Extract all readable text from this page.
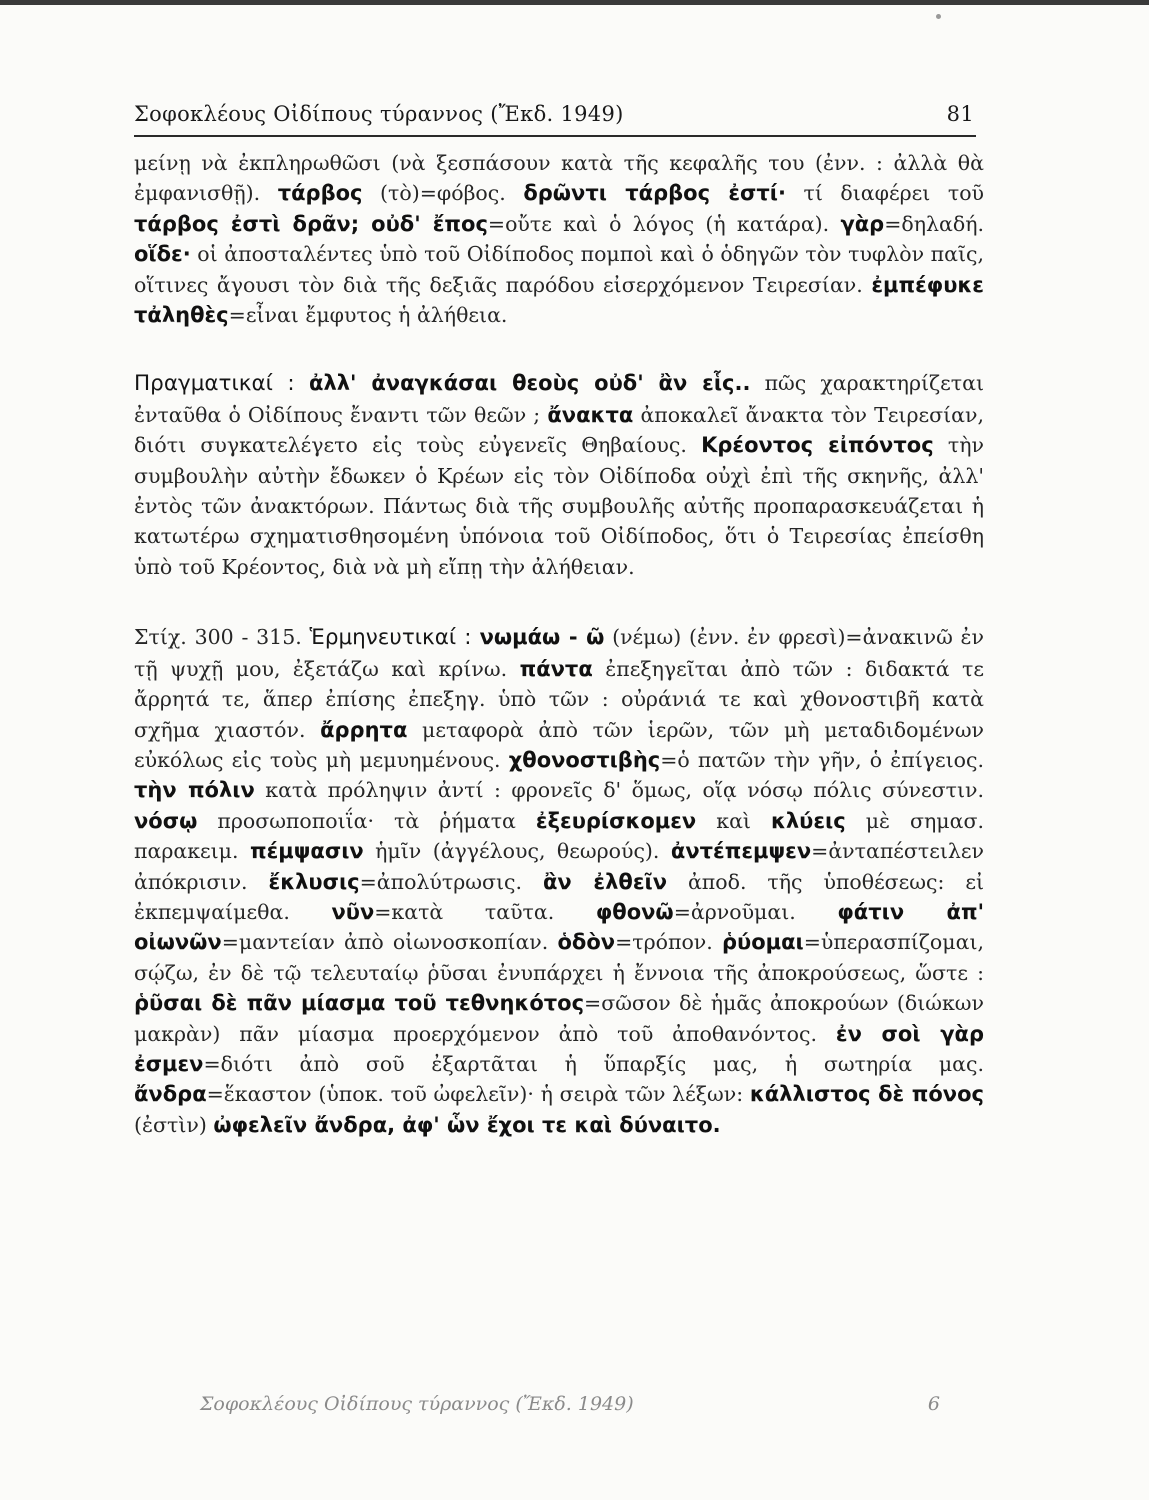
Σοφοκλέους Οἰδίπους τύραννος (Ἔκδ. 1949)	81

μείνῃ νὰ ἐκπληρωθῶσι (νὰ ξεσπάσουν κατὰ τῆς κεφαλῆς του (ἐνν. : ἀλλὰ θὰ ἐμφανισθῇ). τάρβος (τὸ)=φόβος. δρῶντι τάρβος ἐστί· τί διαφέρει τοῦ τάρβος ἐστὶ δρᾶν; οὐδ' ἔπος=οὔτε καὶ ὁ λόγος (ἡ κατάρα). γὰρ=δηλαδή. οἵδε· οἱ ἀποσταλέντες ὑπὸ τοῦ Οἰδίποδος πομποὶ καὶ ὁ ὁδηγῶν τὸν τυφλὸν παῖς, οἵτινες ἄγουσι τὸν διὰ τῆς δεξιᾶς παρόδου εἰσερχόμενον Τειρεσίαν. ἐμπέφυκε τἀληθὲς=εἶναι ἔμφυτος ἡ ἀλήθεια.

Πραγματικαί : ἀλλ' ἀναγκάσαι θεοὺς οὐδ' ἂν εἷς.. πῶς χαρακτηρίζεται ἐνταῦθα ὁ Οἰδίπους ἔναντι τῶν θεῶν ; ἄνακτα ἀποκαλεῖ ἄνακτα τὸν Τειρεσίαν, διότι συγκατελέγετο εἰς τοὺς εὐγενεῖς Θηβαίους. Κρέοντος εἰπόντος τὴν συμβουλὴν αὐτὴν ἔδωκεν ὁ Κρέων εἰς τὸν Οἰδίποδα οὐχὶ ἐπὶ τῆς σκηνῆς, ἀλλ' ἐντὸς τῶν ἀνακτόρων. Πάντως διὰ τῆς συμβουλῆς αὐτῆς προπαρασκευάζεται ἡ κατωτέρω σχηματισθησομένη ὑπόνοια τοῦ Οἰδίποδος, ὅτι ὁ Τειρεσίας ἐπείσθη ὑπὸ τοῦ Κρέοντος, διὰ νὰ μὴ εἴπῃ τὴν ἀλήθειαν.

Στίχ. 300 - 315. Ἑρμηνευτικαί : νωμάω - ῶ (νέμω) (ἐνν. ἐν φρεσὶ)=ἀνακινῶ ἐν τῇ ψυχῇ μου, ἐξετάζω καὶ κρίνω. πάντα ἐπεξηγεῖται ἀπὸ τῶν : διδακτά τε ἄρρητά τε, ἅπερ ἐπίσης ἐπεξηγ. ὑπὸ τῶν : οὐράνιά τε καὶ χθονοστιβῆ κατὰ σχῆμα χιαστόν. ἄρρητα μεταφορὰ ἀπὸ τῶν ἱερῶν, τῶν μὴ μεταδιδομένων εὐκόλως εἰς τοὺς μὴ μεμυημένους. χθονοστιβὴς=ὁ πατῶν τὴν γῆν, ὁ ἐπίγειος. τὴν πόλιν κατὰ πρόληψιν ἀντί : φρονεῖς δ' ὅμως, οἵᾳ νόσῳ πόλις σύνεστιν. νόσῳ προσωποποιΐα· τὰ ῥήματα ἐξευρίσκομεν καὶ κλύεις μὲ σημασ. παρακειμ. πέμψασιν ἡμῖν (ἀγγέλους, θεωρούς). ἀντέπεμψεν=ἀνταπέστειλεν ἀπόκρισιν. ἔκλυσις=ἀπολύτρωσις. ἂν ἐλθεῖν ἀποδ. τῆς ὑποθέσεως: εἰ ἐκπεμψαίμεθα. νῦν=κατὰ ταῦτα. φθονῶ=ἀρνοῦμαι. φάτιν ἀπ' οἰωνῶν=μαντείαν ἀπὸ οἰωνοσκοπίαν. ὁδὸν=τρόπον. ῥύομαι=ὑπερασπίζομαι, σῴζω, ἐν δὲ τῷ τελευταίῳ ῥῦσαι ἐνυπάρχει ἡ ἔννοια τῆς ἀποκρούσεως, ὥστε : ῥῦσαι δὲ πᾶν μίασμα τοῦ τεθνηκότος=σῶσον δὲ ἡμᾶς ἀποκρούων (διώκων μακρὰν) πᾶν μίασμα προερχόμενον ἀπὸ τοῦ ἀποθανόντος. ἐν σοὶ γὰρ ἐσμεν=διότι ἀπὸ σοῦ ἐξαρτᾶται ἡ ὕπαρξίς μας, ἡ σωτηρία μας. ἄνδρα=ἕκαστον (ὑποκ. τοῦ ὠφελεῖν)· ἡ σειρὰ τῶν λέξων: κάλλιστος δὲ πόνος (ἐστὶν) ὠφελεῖν ἄνδρα, ἀφ' ὧν ἔχοι τε καὶ δύναιτο.

Σοφοκλέους Οἰδίπους τύραννος (Ἔκδ. 1949)	6
